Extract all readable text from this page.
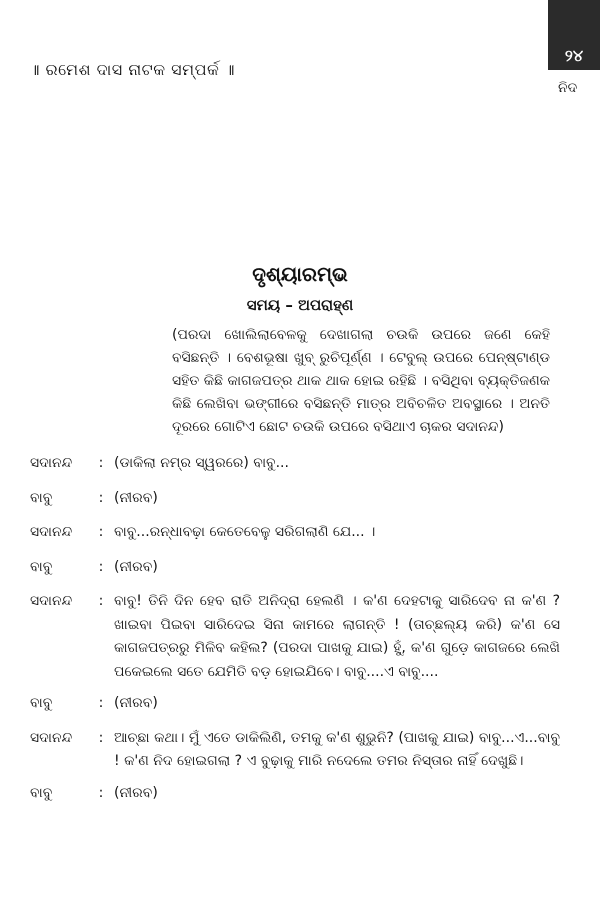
॥ ରମେଶ ଦାସ ନାଟକ ସମ୍ପର୍କ ॥
୨୪
ନିଦ
ଦୃଶ୍ୟାରମ୍ଭ
ସମୟ – ଅପରାହ୍ଣ
(ପରଦା ଖୋଲିଲାବେଳକୁ ଦେଖାଗଲା ଚଉକି ଉପରେ ଜଣେ କେହି ବସିଛନ୍ତି । ବେଶଭୂଷା ଖୁବ୍ ରୁଚିପୂର୍ଣ୍ଣ । ଟେବୁଲ୍ ଉପରେ ପେନ୍‌ଷ୍ଟାଣ୍ଡ ସହିତ କିଛି କାଗଜପତ୍ର ଥାକ ଥାକ ହୋଇ ରହିଛି । ବସିଥିବା ବ୍ୟକ୍ତିଜଣକ କିଛି ଲେଖିବା ଭଙ୍ଗୀରେ ବସିଛନ୍ତି ମାତ୍ର ଅବିଚଳିତ ଅବସ୍ଥାରେ । ଅନତି ଦୂରରେ ଗୋଟିଏ ଛୋଟ ଚଉକି ଉପରେ ବସିଥାଏ ଚାକର ସଦାନନ୍ଦ)
ସଦାନନ୍ଦ	: (ଡାକିଲା ନମ୍ର ସ୍ୱରରେ) ବାବୁ...
ବାବୁ	: (ନୀରବ)
ସଦାନନ୍ଦ	: ବାବୁ...ରନ୍ଧାବଢ଼ା କେତେବେଳୁ ସରିଗଲାଣି ଯେ... ।
ବାବୁ	: (ନୀରବ)
ସଦାନନ୍ଦ	: ବାବୁ! ତିନି ଦିନ ହେବ ରାତି ଅନିଦ୍ରା ହେଲଣି । କ'ଣ ଦେହଟାକୁ ସାରିଦେବ ନା କ'ଣ ? ଖାଇବା ପିଇବା ସାରିଦେଇ ସିନା କାମରେ ଲାଗନ୍ତି ! (ତାଚ୍ଛଲ୍ୟ କରି) କ'ଣ ସେ କାଗଜପତ୍ରରୁ ମିଳିବ କହିଲ? (ପରଦା ପାଖକୁ ଯାଇ) ହୁଁ, କ'ଣ ଗୁଡ଼େ କାଗଜରେ ଲେଖି ପକେଇଲେ ସତେ ଯେମିତି ବଡ଼ ହୋଇଯିବେ। ବାବୁ....ଏ ବାବୁ....
ବାବୁ	: (ନୀରବ)
ସଦାନନ୍ଦ	: ଆଚ୍ଛା କଥା। ମୁଁ ଏତେ ଡାକିଲିଣି, ତମକୁ କ'ଣ ଶୁଭୁନି? (ପାଖକୁ ଯାଇ) ବାବୁ...ଏ...ବାବୁ ! କ'ଣ ନିଦ ହୋଇଗଲା ? ଏ ବୁଢ଼ାକୁ ମାରି ନଦେଲେ ତମର ନିସ୍ତାର ନାହିଁ ଦେଖୁଛି।
ବାବୁ	: (ନୀରବ)
